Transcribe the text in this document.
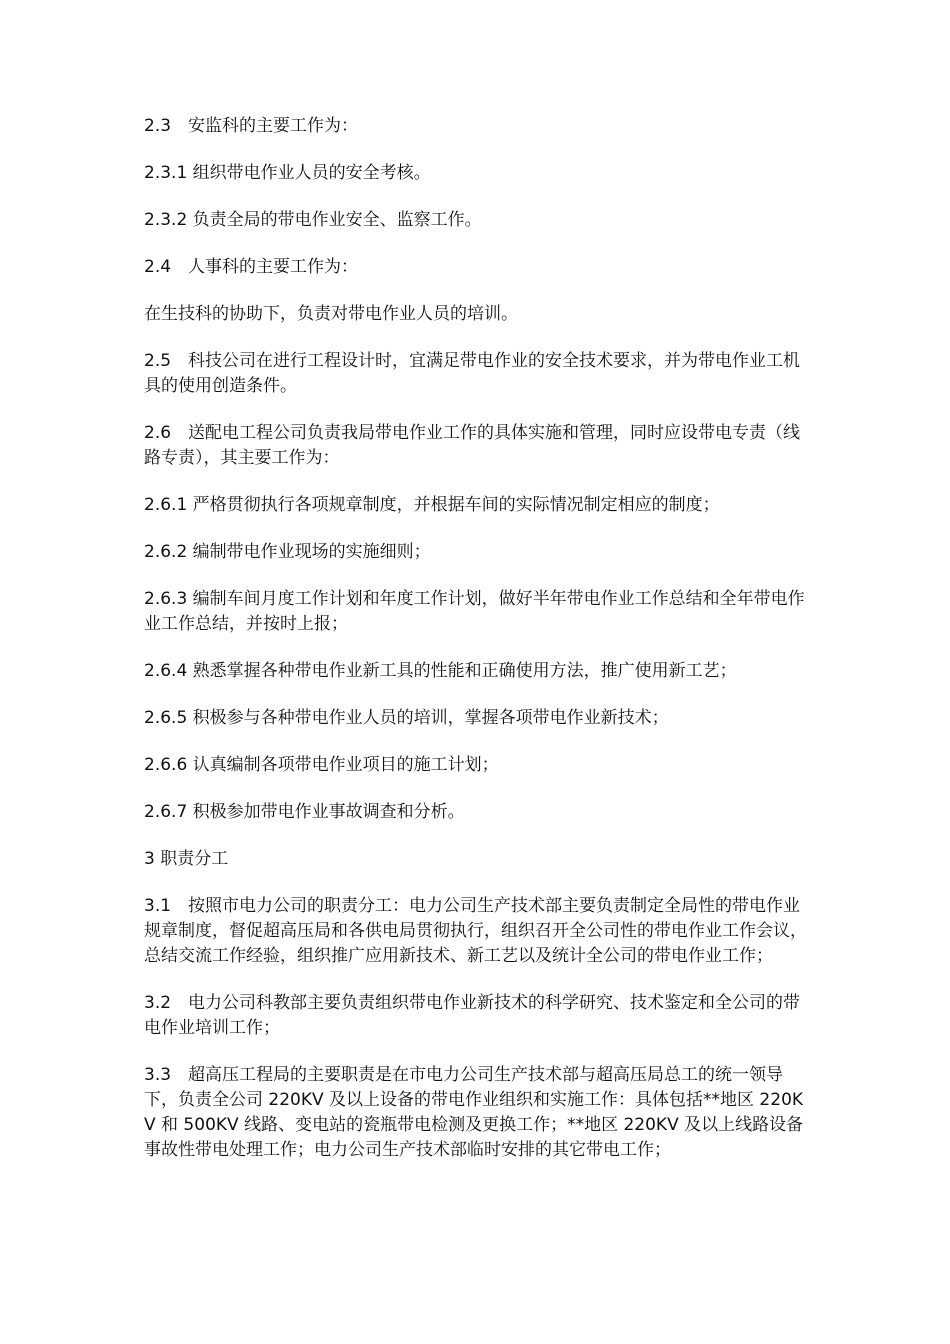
2.3　安监科的主要工作为：

2.3.1 组织带电作业人员的安全考核。

2.3.2 负责全局的带电作业安全、监察工作。

2.4　人事科的主要工作为：

在生技科的协助下，负责对带电作业人员的培训。

2.5　科技公司在进行工程设计时，宜满足带电作业的安全技术要求，并为带电作业工机具的使用创造条件。

2.6　送配电工程公司负责我局带电作业工作的具体实施和管理，同时应设带电专责（线路专责），其主要工作为：

2.6.1 严格贯彻执行各项规章制度，并根据车间的实际情况制定相应的制度；

2.6.2 编制带电作业现场的实施细则；

2.6.3 编制车间月度工作计划和年度工作计划，做好半年带电作业工作总结和全年带电作业工作总结，并按时上报；

2.6.4 熟悉掌握各种带电作业新工具的性能和正确使用方法，推广使用新工艺；

2.6.5 积极参与各种带电作业人员的培训，掌握各项带电作业新技术；

2.6.6 认真编制各项带电作业项目的施工计划；

2.6.7 积极参加带电作业事故调查和分析。

3 职责分工

3.1　按照市电力公司的职责分工：电力公司生产技术部主要负责制定全局性的带电作业规章制度，督促超高压局和各供电局贯彻执行，组织召开全公司性的带电作业工作会议，总结交流工作经验，组织推广应用新技术、新工艺以及统计全公司的带电作业工作；

3.2　电力公司科教部主要负责组织带电作业新技术的科学研究、技术鉴定和全公司的带电作业培训工作；

3.3　超高压工程局的主要职责是在市电力公司生产技术部与超高压局总工的统一领导下，负责全公司 220KV 及以上设备的带电作业组织和实施工作：具体包括**地区 220KV 和 500KV 线路、变电站的瓷瓶带电检测及更换工作；**地区 220KV 及以上线路设备事故性带电处理工作；电力公司生产技术部临时安排的其它带电工作；
